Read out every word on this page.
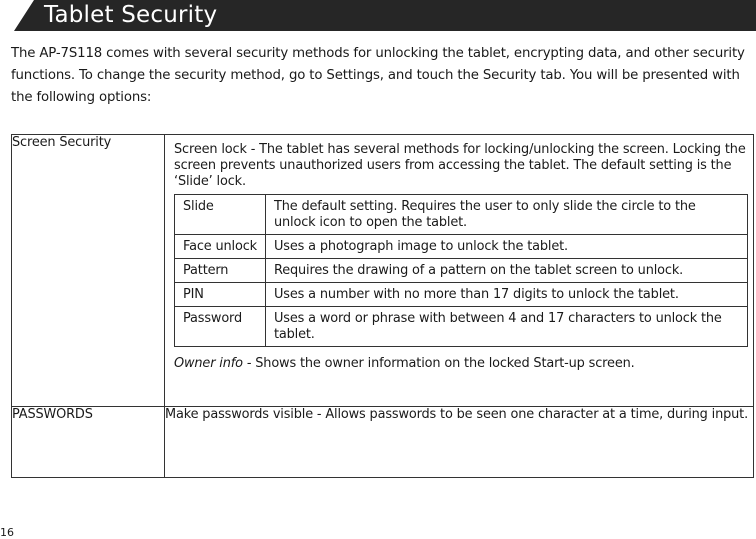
Tablet Security
The AP-7S118 comes with several security methods for unlocking the tablet, encrypting data, and other security functions. To change the security method, go to Settings, and touch the Security tab. You will be presented with the following options:
Screen Security	Screen lock - The tablet has several methods for locking/unlocking the screen. Locking the screen prevents unauthorized users from accessing the tablet. The default setting is the ‘Slide’ lock.
Slide	The default setting. Requires the user to only slide the circle to the unlock icon to open the tablet.
Face unlock	Uses a photograph image to unlock the tablet.
Pattern	Requires the drawing of a pattern on the tablet screen to unlock.
PIN	Uses a number with no more than 17 digits to unlock the tablet.
Password	Uses a word or phrase with between 4 and 17 characters to unlock the tablet.
Owner info - Shows the owner information on the locked Start-up screen.

PASSWORDS	Make passwords visible - Allows passwords to be seen one character at a time, during input.
16
